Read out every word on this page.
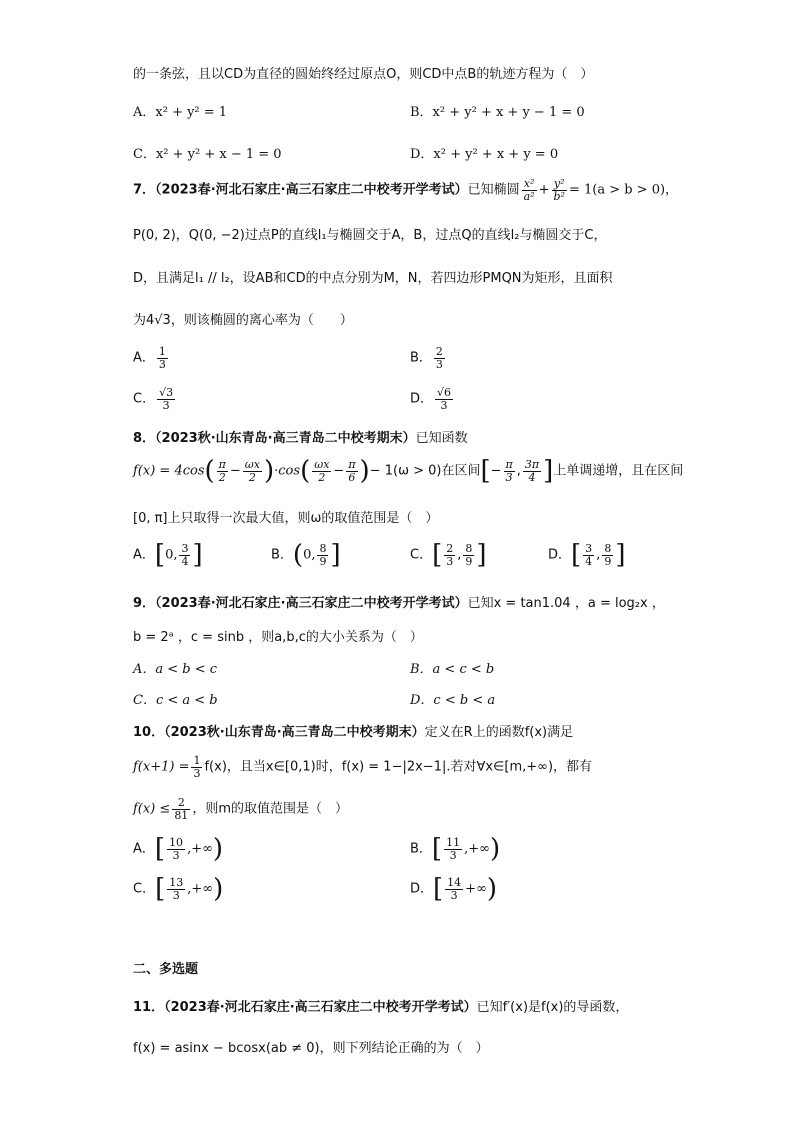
的一条弦，且以CD为直径的圆始终经过原点O，则CD中点B的轨迹方程为（　）
A．x² + y² = 1	B．x² + y² + x + y − 1 = 0
C．x² + y² + x − 1 = 0	D．x² + y² + x + y = 0
7．（2023春·河北石家庄·高三石家庄二中校考开学考试）已知椭圆 $\frac{\text{x²}}{\text{a²}} + \frac{\text{y²}}{\text{b²}} = 1(a > b > 0)$，
P(0, 2)，Q(0, −2)过点P的直线l₁与椭圆交于A，B，过点Q的直线l₂与椭圆交于C，
D，且满足l₁ // l₂，设AB和CD的中点分别为M，N，若四边形PMQN为矩形，且面积
为4√3，则该椭圆的离心率为（　　）
A． $\frac{1}{3}$	B． $\frac{2}{3}$
C． $\frac{√3}{3}$	D． $\frac{√6}{3}$
8．（2023秋·山东青岛·高三青岛二中校考期末）已知函数
$f(x) = 4\cos( \frac{\pi}{2} - \frac{\omega x}{2} )\cdot\cos( \frac{\omega x}{2} - \frac{\pi}{6}$ )− 1(ω > 0)在区间[− $\frac{\pi}{3}$ , $\frac{3\pi}{4}$ ]上单调递增，且在区间
[0, π]上只取得一次最大值，则ω的取值范围是（　）
A．[0, $\frac{3}{4}$ ]	B．(0, $\frac{8}{9}$ ]	C．[ $\frac{2}{3}$ , $\frac{8}{9}$ ]	D．[ $\frac{3}{4}$ , $\frac{8}{9}$ ]
9．（2023春·河北石家庄·高三石家庄二中校考开学考试）已知x = tan1.04 ，a = log₂x ，
b = 2ᵃ ，c = sinb ，则a,b,c的大小关系为（　）
A．a < b < c	B．a < c < b
C．c < a < b	D．c < b < a
10．（2023秋·山东青岛·高三青岛二中校考期末）定义在R上的函数f(x)满足
$f(x+1) = \frac{1}{3} f(x)$，且当x∈[0,1)时，f(x) = 1−|2x−1|.若对∀x∈[m,+∞)，都有
$f(x) \le \frac{2}{81}$ ，则m的取值范围是（　）
A．[ $\frac{10}{3}$ ,+∞)	B．[ $\frac{11}{3}$ ,+∞)
C．[ $\frac{13}{3}$ ,+∞)	D．[ $\frac{14}{3}$ +∞)
二、多选题
11．（2023春·河北石家庄·高三石家庄二中校考开学考试）已知f′(x)是f(x)的导函数，
f(x) = asinx − bcosx(ab ≠ 0)，则下列结论正确的为（　）
